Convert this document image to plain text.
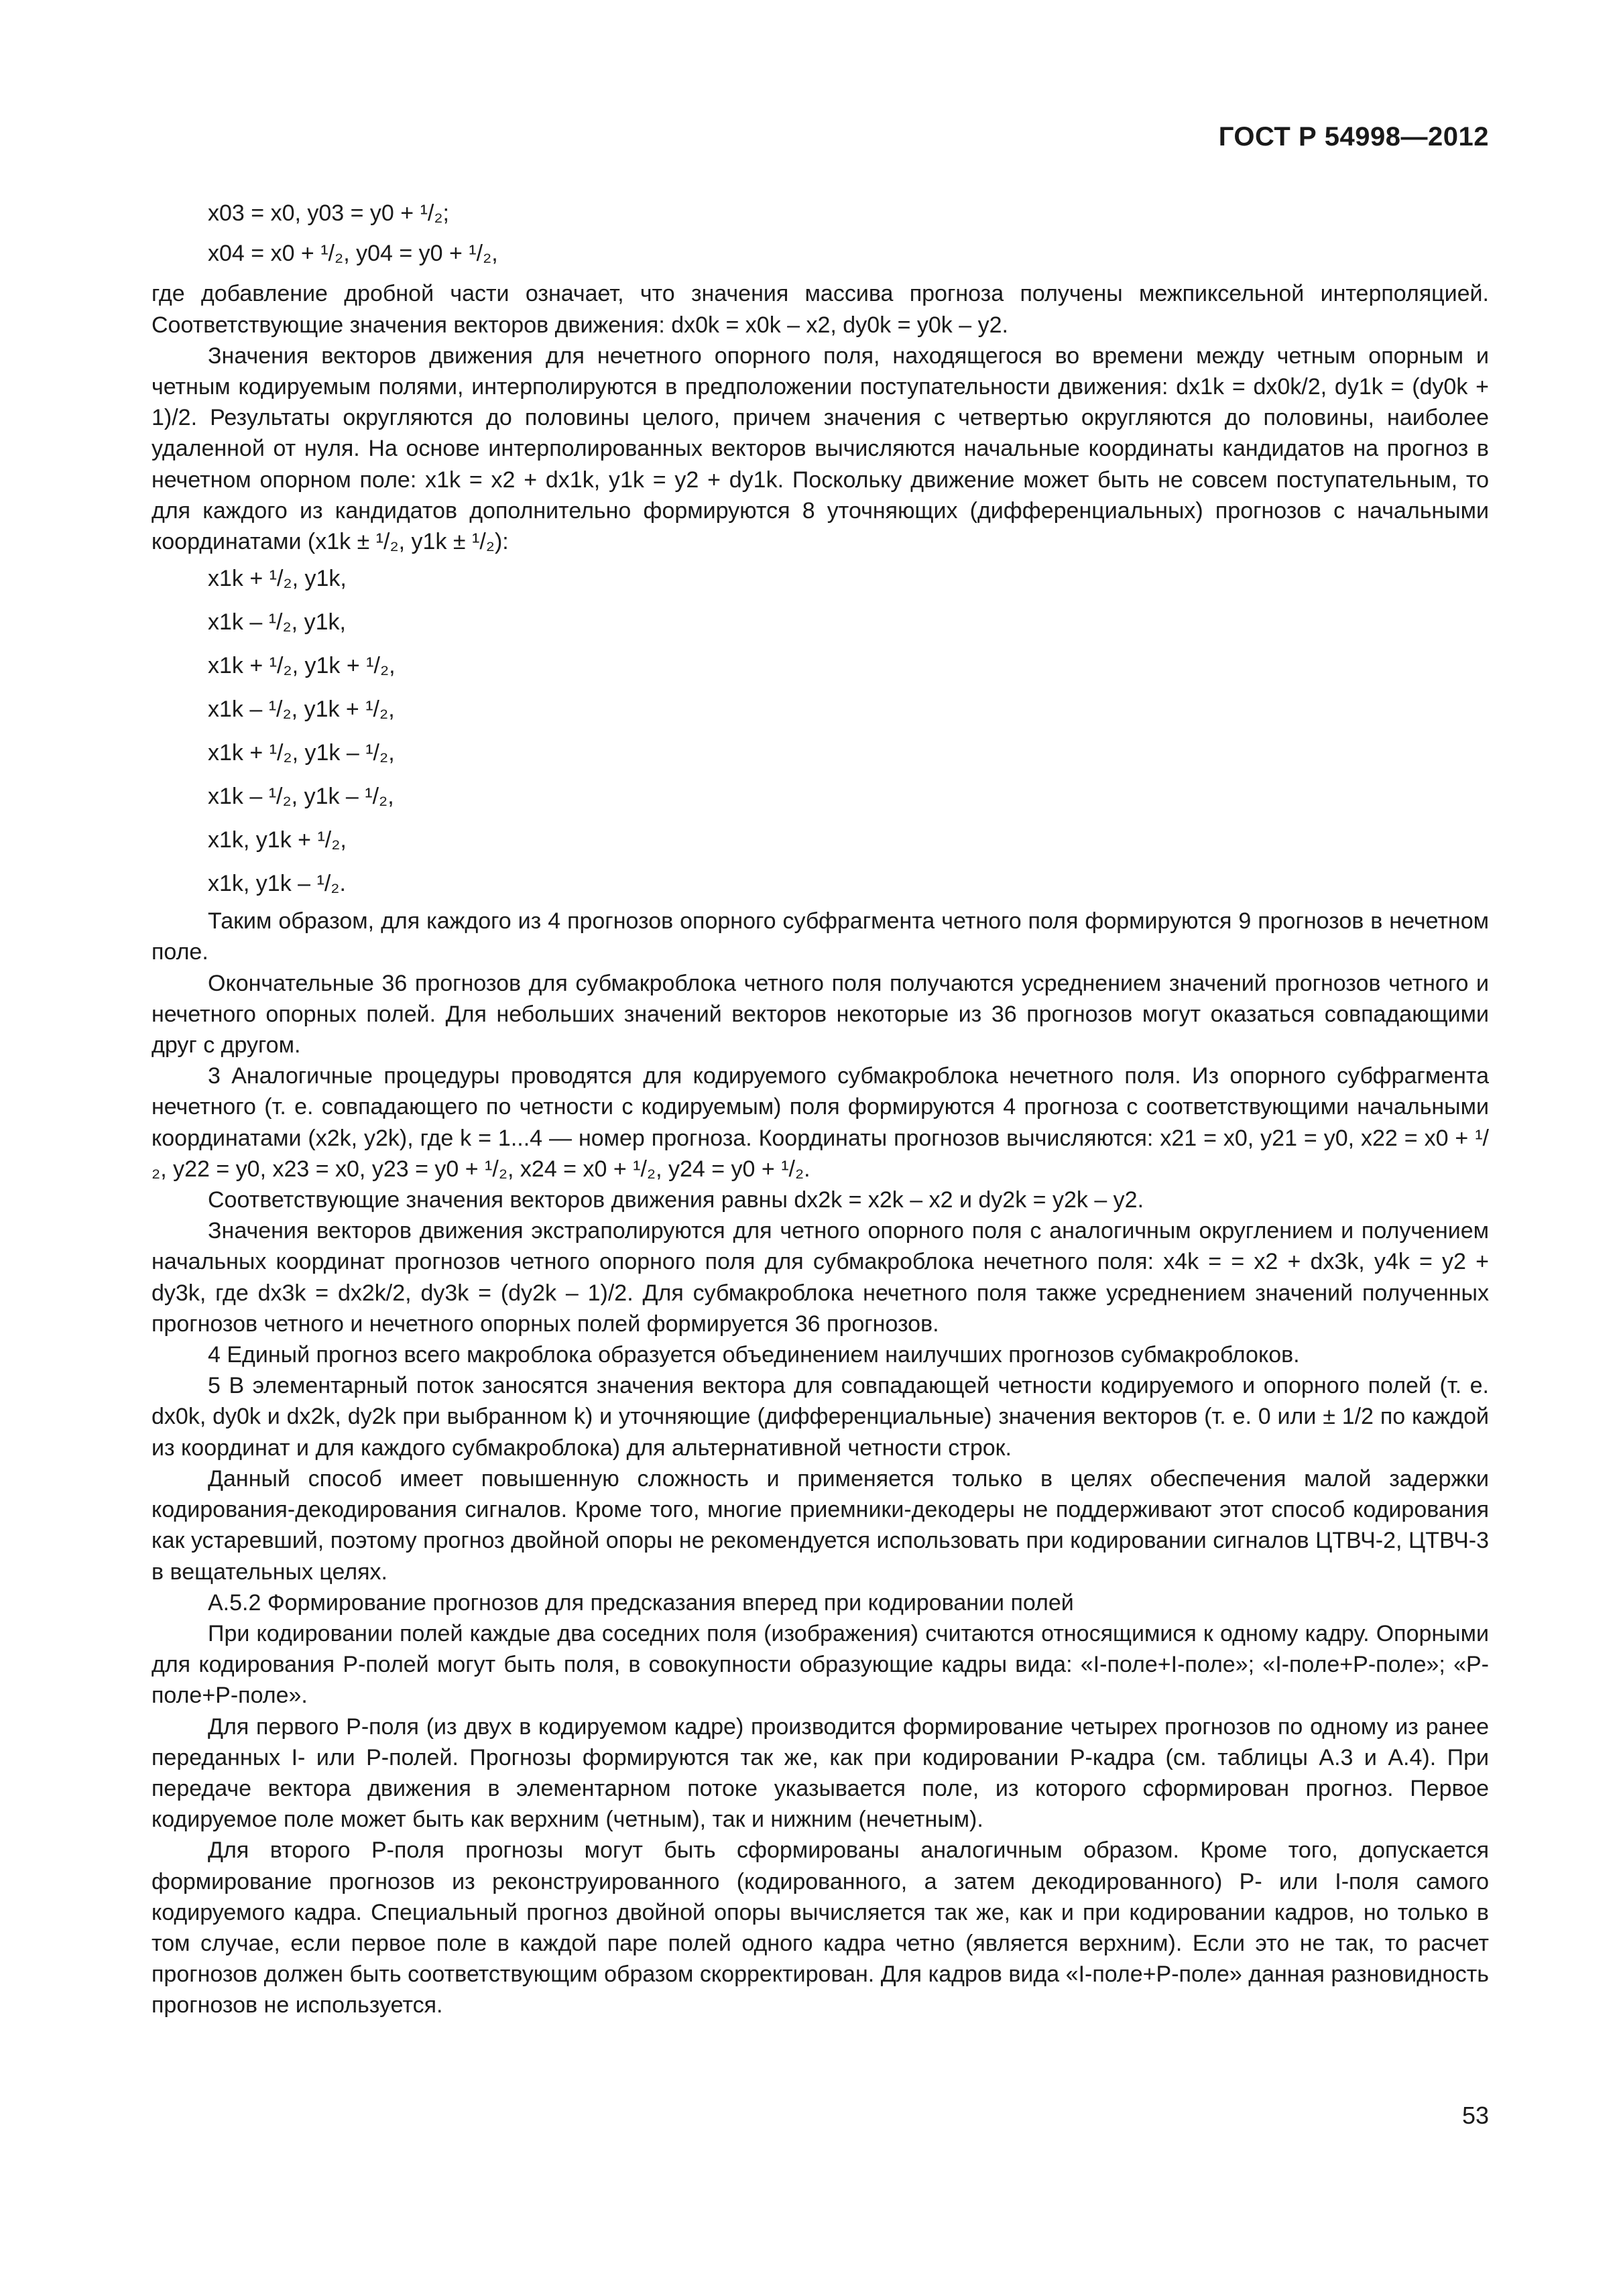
ГОСТ Р 54998—2012

x03 = x0, y03 = y0 + ¹/₂;

x04 = x0 + ¹/₂, y04 = y0 + ¹/₂,

где добавление дробной части означает, что значения массива прогноза получены межпиксельной интерполяцией. Соответствующие значения векторов движения: dx0k = x0k – x2, dy0k = y0k – y2.

Значения векторов движения для нечетного опорного поля, находящегося во времени между четным опорным и четным кодируемым полями, интерполируются в предположении поступательности движения: dx1k = dx0k/2, dy1k = (dy0k + 1)/2. Результаты округляются до половины целого, причем значения с четвертью округляются до половины, наиболее удаленной от нуля. На основе интерполированных векторов вычисляются начальные координаты кандидатов на прогноз в нечетном опорном поле: x1k = x2 + dx1k, y1k = y2 + dy1k. Поскольку движение может быть не совсем поступательным, то для каждого из кандидатов дополнительно формируются 8 уточняющих (дифференциальных) прогнозов с начальными координатами (x1k ± ¹/₂, y1k ± ¹/₂):

x1k + ¹/₂, y1k,

x1k – ¹/₂, y1k,

x1k + ¹/₂, y1k + ¹/₂,

x1k – ¹/₂, y1k + ¹/₂,

x1k + ¹/₂, y1k – ¹/₂,

x1k – ¹/₂, y1k – ¹/₂,

x1k, y1k + ¹/₂,

x1k, y1k – ¹/₂.

Таким образом, для каждого из 4 прогнозов опорного субфрагмента четного поля формируются 9 прогнозов в нечетном поле.

Окончательные 36 прогнозов для субмакроблока четного поля получаются усреднением значений прогнозов четного и нечетного опорных полей. Для небольших значений векторов некоторые из 36 прогнозов могут оказаться совпадающими друг с другом.

3 Аналогичные процедуры проводятся для кодируемого субмакроблока нечетного поля. Из опорного субфрагмента нечетного (т. е. совпадающего по четности с кодируемым) поля формируются 4 прогноза с соответствующими начальными координатами (x2k, y2k), где k = 1...4 — номер прогноза. Координаты прогнозов вычисляются: x21 = x0, y21 = y0, x22 = x0 + ¹/₂, y22 = y0, x23 = x0, y23 = y0 + ¹/₂, x24 = x0 + ¹/₂, y24 = y0 + ¹/₂.

Соответствующие значения векторов движения равны dx2k = x2k – x2 и dy2k = y2k – y2.

Значения векторов движения экстраполируются для четного опорного поля с аналогичным округлением и получением начальных координат прогнозов четного опорного поля для субмакроблока нечетного поля: x4k = = x2 + dx3k, y4k = y2 + dy3k, где dx3k = dx2k/2, dy3k = (dy2k – 1)/2. Для субмакроблока нечетного поля также усреднением значений полученных прогнозов четного и нечетного опорных полей формируется 36 прогнозов.

4 Единый прогноз всего макроблока образуется объединением наилучших прогнозов субмакроблоков.

5 В элементарный поток заносятся значения вектора для совпадающей четности кодируемого и опорного полей (т. е. dx0k, dy0k и dx2k, dy2k при выбранном k) и уточняющие (дифференциальные) значения векторов (т. е. 0 или ± 1/2 по каждой из координат и для каждого субмакроблока) для альтернативной четности строк.

Данный способ имеет повышенную сложность и применяется только в целях обеспечения малой задержки кодирования-декодирования сигналов. Кроме того, многие приемники-декодеры не поддерживают этот способ кодирования как устаревший, поэтому прогноз двойной опоры не рекомендуется использовать при кодировании сигналов ЦТВЧ-2, ЦТВЧ-3 в вещательных целях.

А.5.2 Формирование прогнозов для предсказания вперед при кодировании полей

При кодировании полей каждые два соседних поля (изображения) считаются относящимися к одному кадру. Опорными для кодирования P-полей могут быть поля, в совокупности образующие кадры вида: «I-поле+I-поле»; «I-поле+P-поле»; «P-поле+P-поле».

Для первого P-поля (из двух в кодируемом кадре) производится формирование четырех прогнозов по одному из ранее переданных I- или P-полей. Прогнозы формируются так же, как при кодировании P-кадра (см. таблицы А.3 и А.4). При передаче вектора движения в элементарном потоке указывается поле, из которого сформирован прогноз. Первое кодируемое поле может быть как верхним (четным), так и нижним (нечетным).

Для второго P-поля прогнозы могут быть сформированы аналогичным образом. Кроме того, допускается формирование прогнозов из реконструированного (кодированного, а затем декодированного) P- или I-поля самого кодируемого кадра. Специальный прогноз двойной опоры вычисляется так же, как и при кодировании кадров, но только в том случае, если первое поле в каждой паре полей одного кадра четно (является верхним). Если это не так, то расчет прогнозов должен быть соответствующим образом скорректирован. Для кадров вида «I-поле+P-поле» данная разновидность прогнозов не используется.

53
